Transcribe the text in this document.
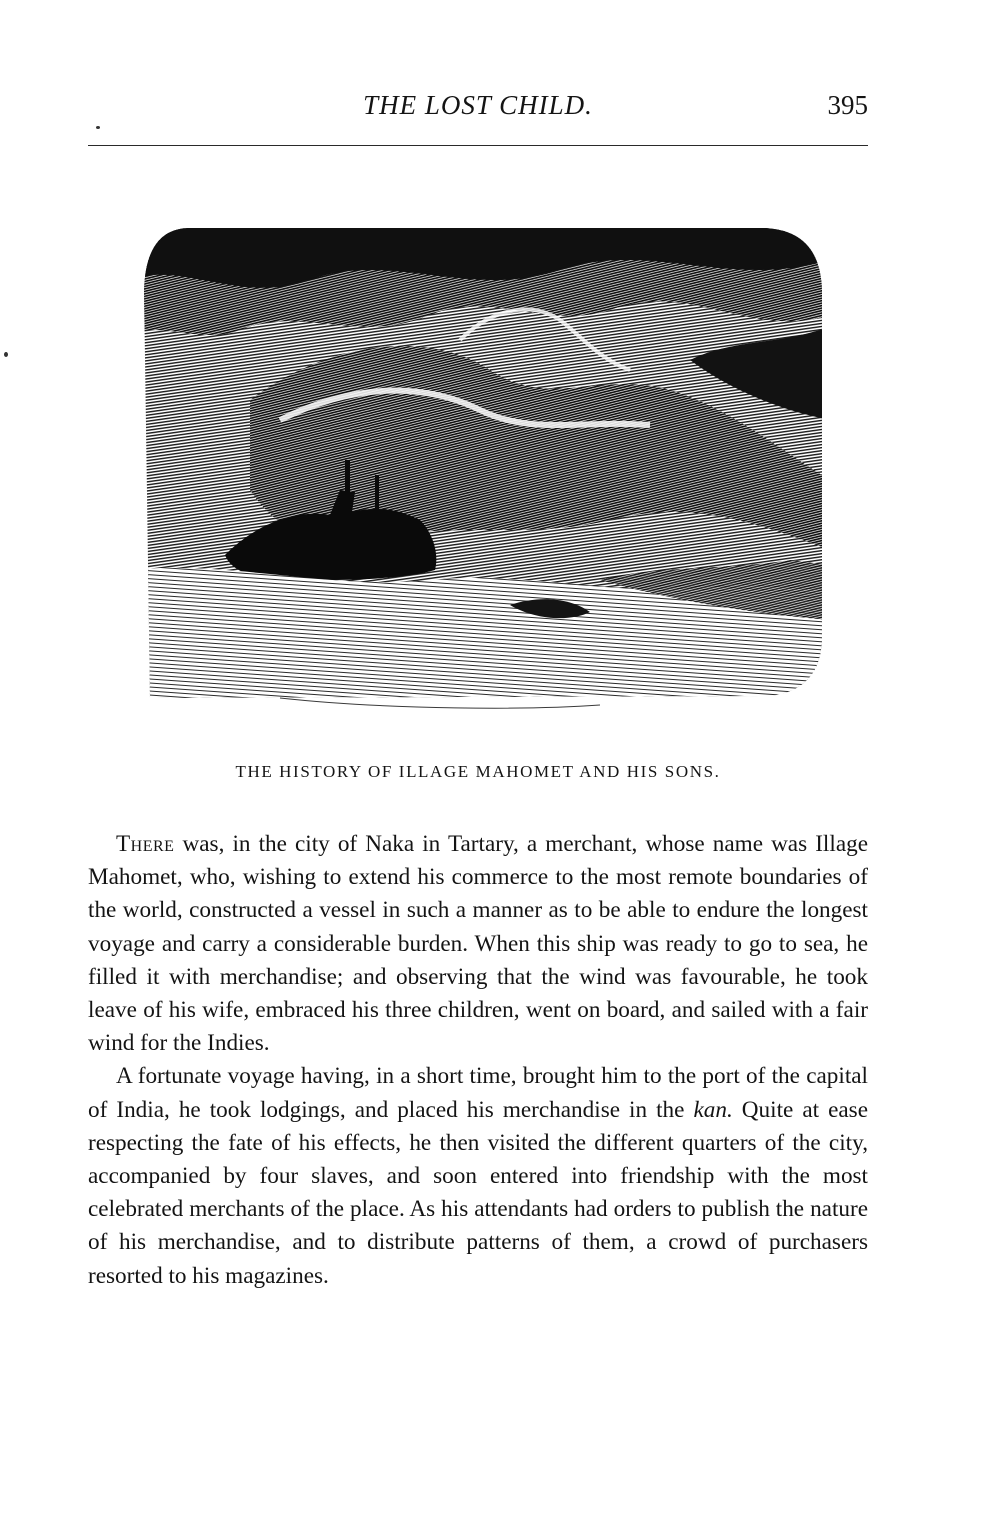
THE LOST CHILD.	395
THE HISTORY OF ILLAGE MAHOMET AND HIS SONS.

There was, in the city of Naka in Tartary, a merchant, whose name was Illage Mahomet, who, wishing to extend his commerce to the most remote boundaries of the world, constructed a vessel in such a manner as to be able to endure the longest voyage and carry a considerable burden. When this ship was ready to go to sea, he filled it with merchandise; and observing that the wind was favourable, he took leave of his wife, embraced his three children, went on board, and sailed with a fair wind for the Indies.

A fortunate voyage having, in a short time, brought him to the port of the capital of India, he took lodgings, and placed his merchandise in the kan. Quite at ease respecting the fate of his effects, he then visited the different quarters of the city, accompanied by four slaves, and soon entered into friendship with the most celebrated merchants of the place. As his attendants had orders to publish the nature of his merchandise, and to distribute patterns of them, a crowd of purchasers resorted to his magazines.
